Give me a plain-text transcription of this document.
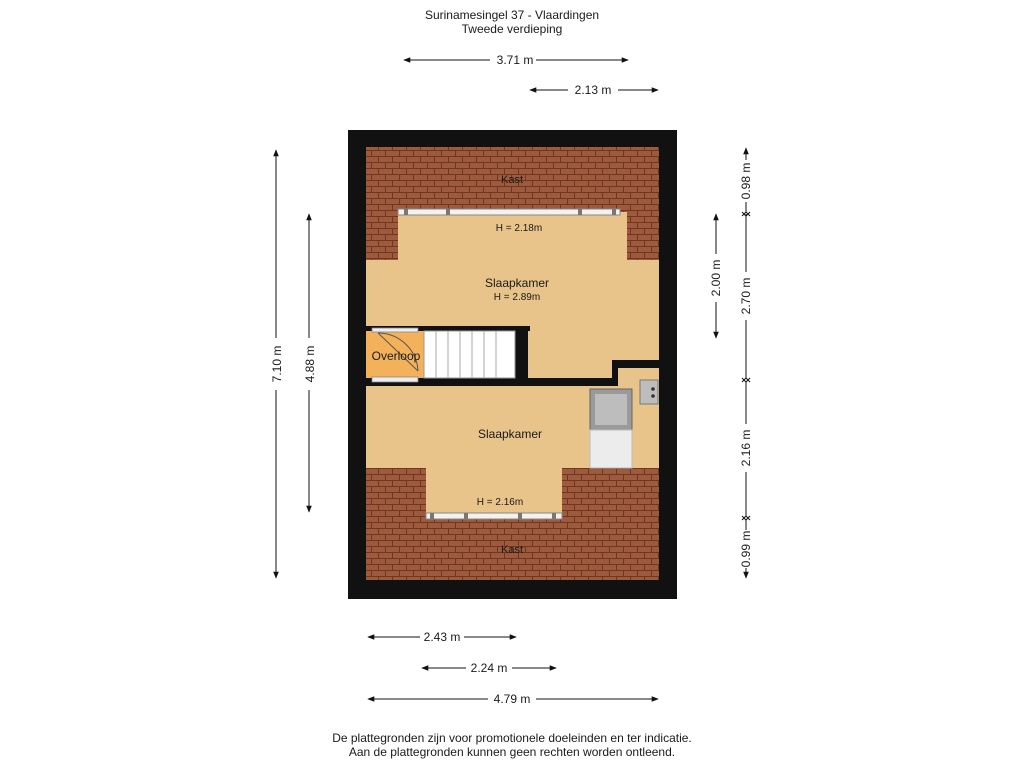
Surinamesingel 37 - Vlaardingen
Tweede verdieping
Kast
H = 2.18m
Slaapkamer
H = 2.89m
Overloop
Slaapkamer
H = 2.16m
Kast
3.71 m
2.13 m
7.10 m 4.88 m
2.00 m
0.98 m
2.70 m
2.16 m
0.99 m
2.43 m
2.24 m
4.79 m
De plattegronden zijn voor promotionele doeleinden en ter indicatie.
Aan de plattegronden kunnen geen rechten worden ontleend.
